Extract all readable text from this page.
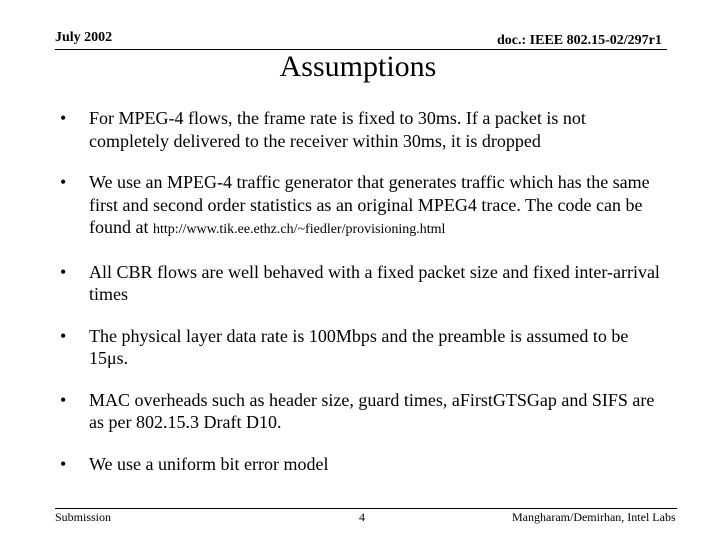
July 2002	doc.: IEEE 802.15-02/297r1
Assumptions
• For MPEG-4 flows, the frame rate is fixed to 30ms. If a packet is not completely delivered to the receiver within 30ms, it is dropped
• We use an MPEG-4 traffic generator that generates traffic which has the same first and second order statistics as an original MPEG4 trace. The code can be found at http://www.tik.ee.ethz.ch/~fiedler/provisioning.html
• All CBR flows are well behaved with a fixed packet size and fixed inter-arrival times
• The physical layer data rate is 100Mbps and the preamble is assumed to be 15μs.
• MAC overheads such as header size, guard times, aFirstGTSGap and SIFS are as per 802.15.3 Draft D10.
• We use a uniform bit error model
Submission	4	Mangharam/Demirhan, Intel Labs
